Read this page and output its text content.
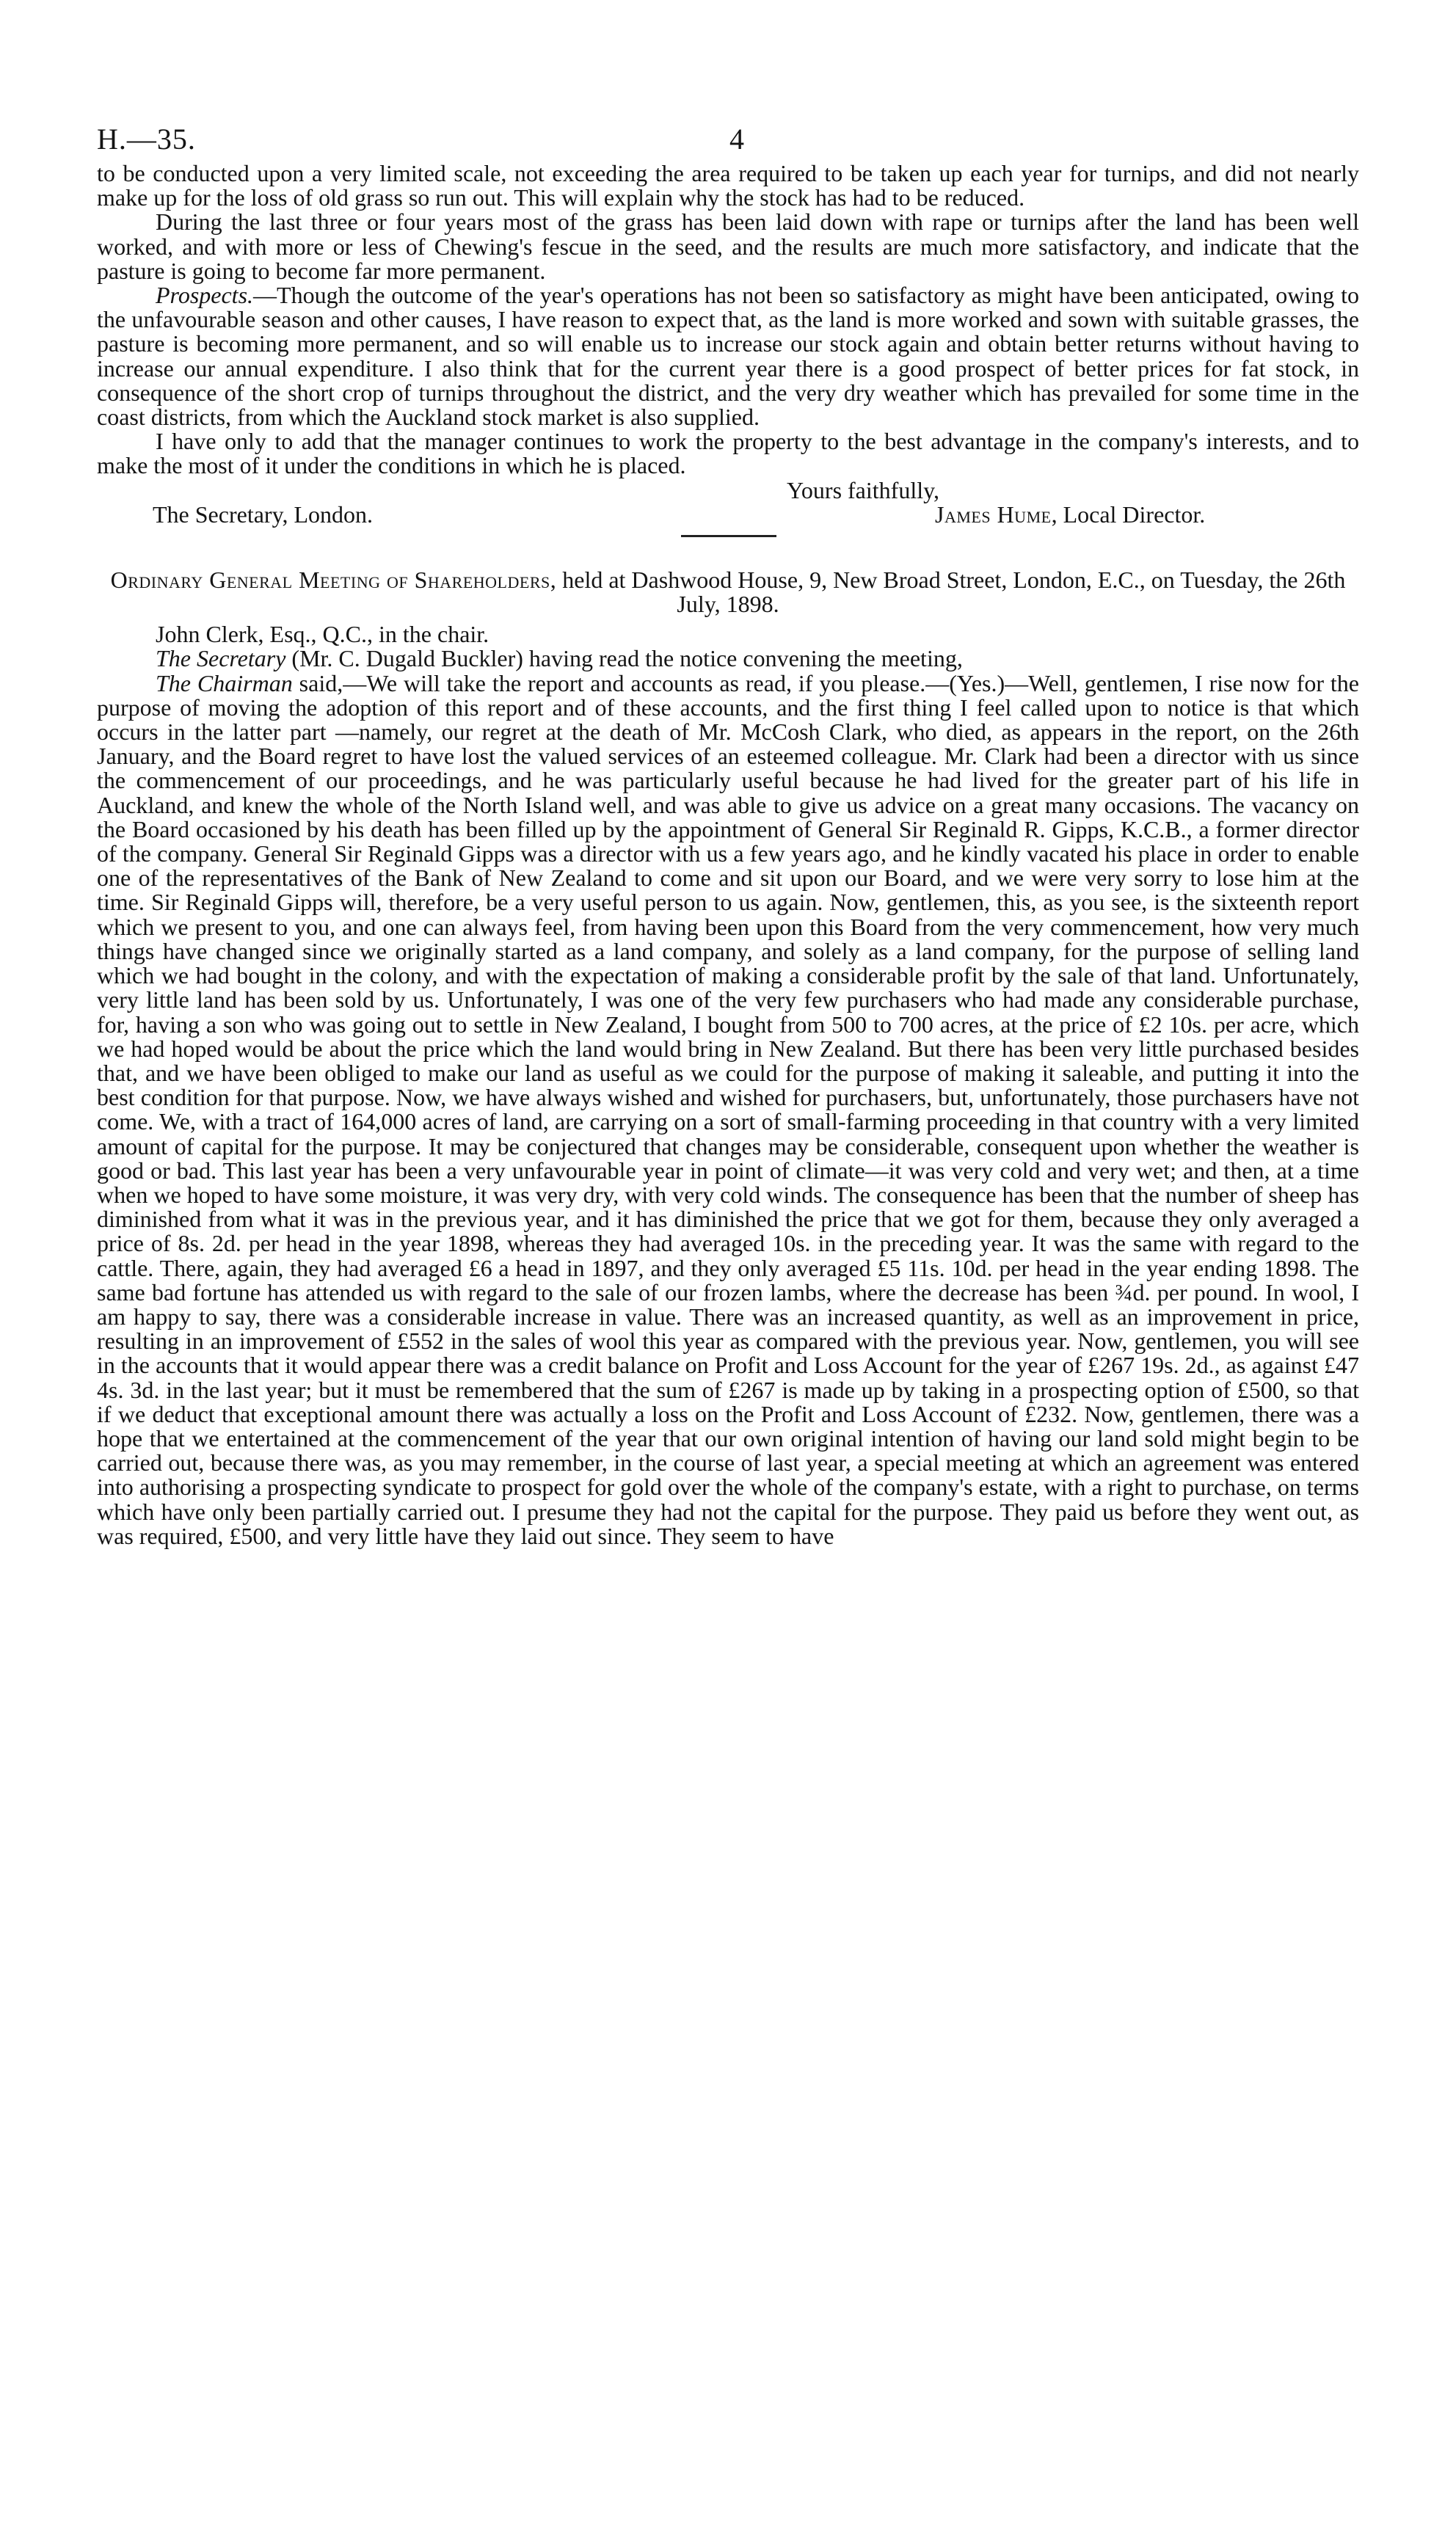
H.—35.	4

to be conducted upon a very limited scale, not exceeding the area required to be taken up each year for turnips, and did not nearly make up for the loss of old grass so run out. This will explain why the stock has had to be reduced.

During the last three or four years most of the grass has been laid down with rape or turnips after the land has been well worked, and with more or less of Chewing's fescue in the seed, and the results are much more satisfactory, and indicate that the pasture is going to become far more permanent.

Prospects.—Though the outcome of the year's operations has not been so satisfactory as might have been anticipated, owing to the unfavourable season and other causes, I have reason to expect that, as the land is more worked and sown with suitable grasses, the pasture is becoming more permanent, and so will enable us to increase our stock again and obtain better returns without having to increase our annual expenditure. I also think that for the current year there is a good prospect of better prices for fat stock, in consequence of the short crop of turnips throughout the district, and the very dry weather which has prevailed for some time in the coast districts, from which the Auckland stock market is also supplied.

I have only to add that the manager continues to work the property to the best advantage in the company's interests, and to make the most of it under the conditions in which he is placed.

Yours faithfully,
The Secretary, London.	James Hume, Local Director.
Ordinary General Meeting of Shareholders, held at Dashwood House, 9, New Broad Street, London, E.C., on Tuesday, the 26th July, 1898.

John Clerk, Esq., Q.C., in the chair.

The Secretary (Mr. C. Dugald Buckler) having read the notice convening the meeting,

The Chairman said,—We will take the report and accounts as read, if you please.—(Yes.)—Well, gentlemen, I rise now for the purpose of moving the adoption of this report and of these accounts, and the first thing I feel called upon to notice is that which occurs in the latter part —namely, our regret at the death of Mr. McCosh Clark, who died, as appears in the report, on the 26th January, and the Board regret to have lost the valued services of an esteemed colleague. Mr. Clark had been a director with us since the commencement of our proceedings, and he was particularly useful because he had lived for the greater part of his life in Auckland, and knew the whole of the North Island well, and was able to give us advice on a great many occasions. The vacancy on the Board occasioned by his death has been filled up by the appointment of General Sir Reginald R. Gipps, K.C.B., a former director of the company. General Sir Reginald Gipps was a director with us a few years ago, and he kindly vacated his place in order to enable one of the representatives of the Bank of New Zealand to come and sit upon our Board, and we were very sorry to lose him at the time. Sir Reginald Gipps will, therefore, be a very useful person to us again. Now, gentlemen, this, as you see, is the sixteenth report which we present to you, and one can always feel, from having been upon this Board from the very commencement, how very much things have changed since we originally started as a land company, and solely as a land company, for the purpose of selling land which we had bought in the colony, and with the expectation of making a considerable profit by the sale of that land. Unfortunately, very little land has been sold by us. Unfortunately, I was one of the very few purchasers who had made any considerable purchase, for, having a son who was going out to settle in New Zealand, I bought from 500 to 700 acres, at the price of £2 10s. per acre, which we had hoped would be about the price which the land would bring in New Zealand. But there has been very little purchased besides that, and we have been obliged to make our land as useful as we could for the purpose of making it saleable, and putting it into the best condition for that purpose. Now, we have always wished and wished for purchasers, but, unfortunately, those purchasers have not come. We, with a tract of 164,000 acres of land, are carrying on a sort of small-farming proceeding in that country with a very limited amount of capital for the purpose. It may be conjectured that changes may be considerable, consequent upon whether the weather is good or bad. This last year has been a very unfavourable year in point of climate—it was very cold and very wet; and then, at a time when we hoped to have some moisture, it was very dry, with very cold winds. The consequence has been that the number of sheep has diminished from what it was in the previous year, and it has diminished the price that we got for them, because they only averaged a price of 8s. 2d. per head in the year 1898, whereas they had averaged 10s. in the preceding year. It was the same with regard to the cattle. There, again, they had averaged £6 a head in 1897, and they only averaged £5 11s. 10d. per head in the year ending 1898. The same bad fortune has attended us with regard to the sale of our frozen lambs, where the decrease has been ¾d. per pound. In wool, I am happy to say, there was a considerable increase in value. There was an increased quantity, as well as an improvement in price, resulting in an improvement of £552 in the sales of wool this year as compared with the previous year. Now, gentlemen, you will see in the accounts that it would appear there was a credit balance on Profit and Loss Account for the year of £267 19s. 2d., as against £47 4s. 3d. in the last year; but it must be remembered that the sum of £267 is made up by taking in a prospecting option of £500, so that if we deduct that exceptional amount there was actually a loss on the Profit and Loss Account of £232. Now, gentlemen, there was a hope that we entertained at the commencement of the year that our own original intention of having our land sold might begin to be carried out, because there was, as you may remember, in the course of last year, a special meeting at which an agreement was entered into authorising a prospecting syndicate to prospect for gold over the whole of the company's estate, with a right to purchase, on terms which have only been partially carried out. I presume they had not the capital for the purpose. They paid us before they went out, as was required, £500, and very little have they laid out since. They seem to have
